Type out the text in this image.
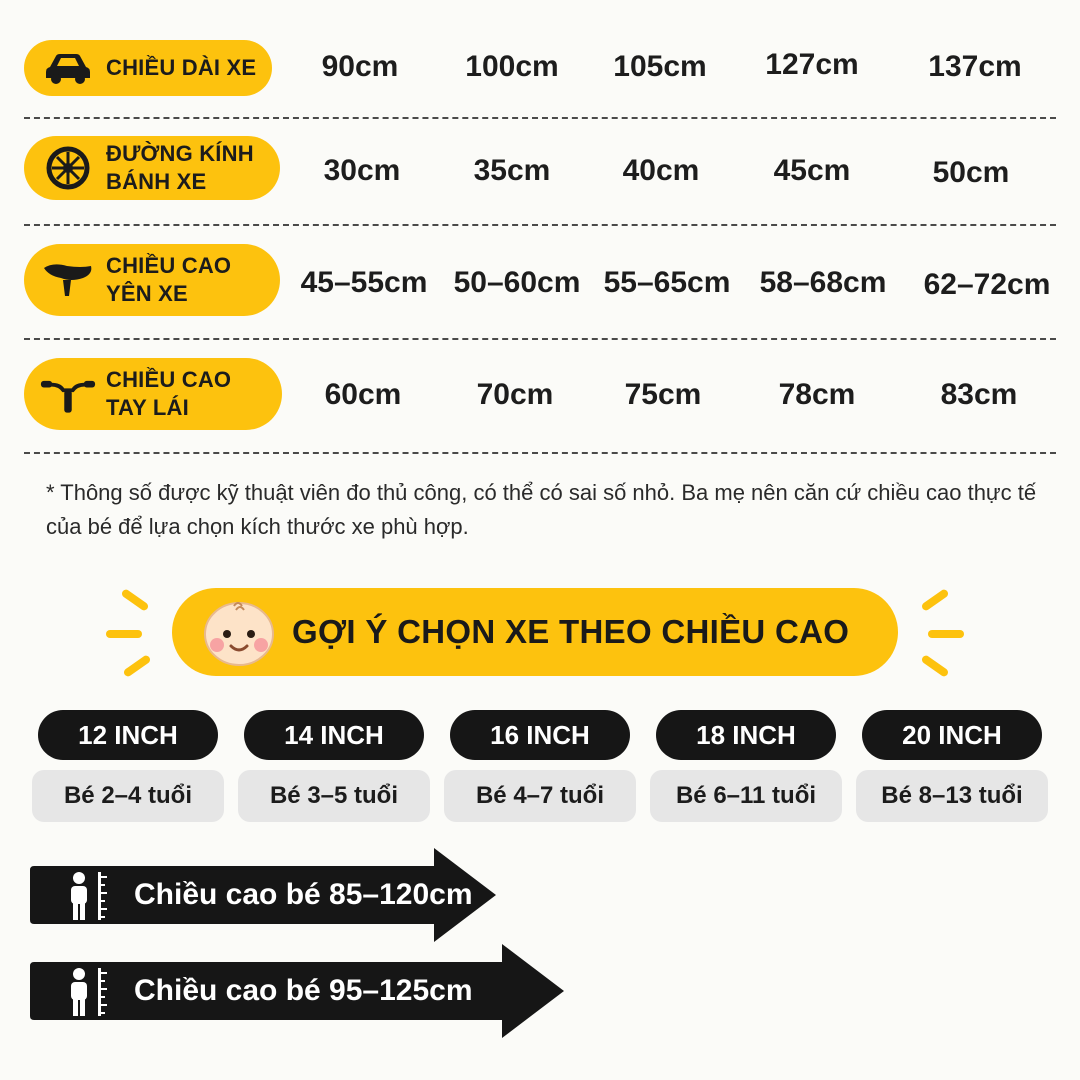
CHIỀU DÀI XE	90cm	100cm	105cm	127cm	137cm
ĐƯỜNG KÍNH
BÁNH XE	30cm	35cm	40cm	45cm	50cm
CHIỀU CAO
YÊN XE	45–55cm 50–60cm 55–65cm 58–68cm	62–72cm
CHIỀU CAO
TAY LÁI	60cm	70cm	75cm	78cm	83cm

* Thông số được kỹ thuật viên đo thủ công, có thể có sai số nhỏ. Ba mẹ nên căn cứ chiều cao thực tế của bé để lựa chọn kích thước xe phù hợp.

GỢI Ý CHỌN XE THEO CHIỀU CAO
12 INCH
Bé 2–4 tuổi
14 INCH
Bé 3–5 tuổi
16 INCH
Bé 4–7 tuổi
18 INCH
Bé 6–11 tuổi
20 INCH
Bé 8–13 tuổi
Chiều cao bé 85–120cm
Chiều cao bé 95–125cm
